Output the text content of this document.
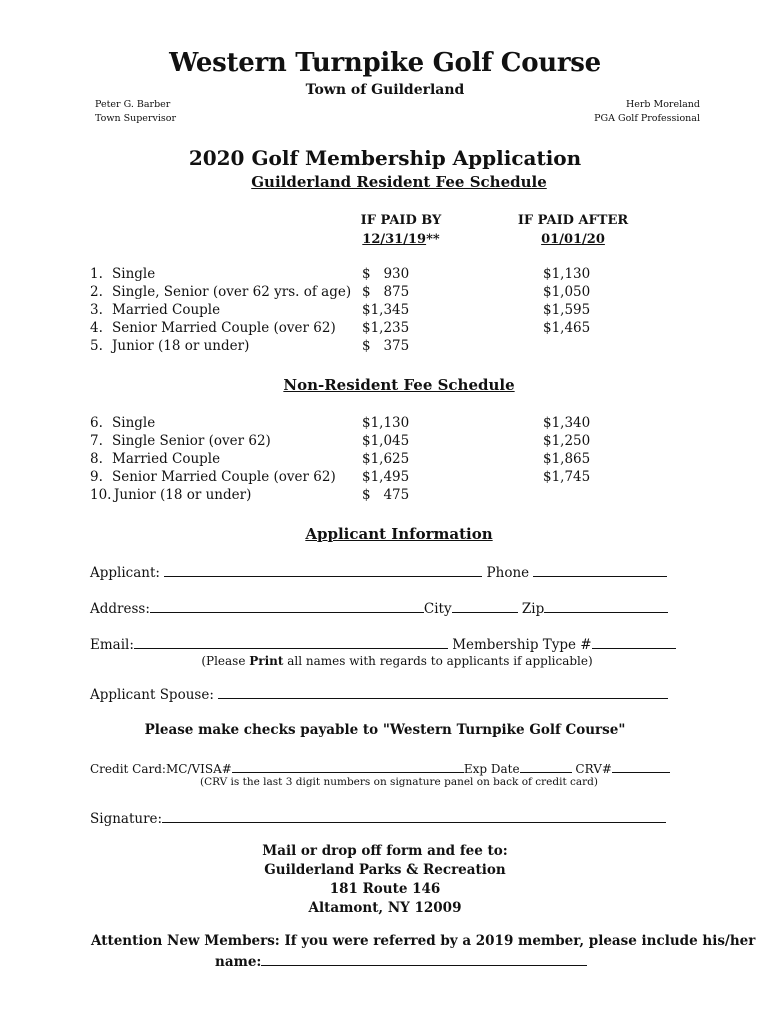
Western Turnpike Golf Course
Town of Guilderland
Peter G. Barber
Town Supervisor
Herb Moreland
PGA Golf Professional
2020 Golf Membership Application
Guilderland Resident Fee Schedule
IF PAID BY
12/31/19**
IF PAID AFTER
01/01/20
1. Single	$   930	$1,130
2. Single, Senior (over 62 yrs. of age) $   875	$1,050
3. Married Couple	$1,345	$1,595
4. Senior Married Couple (over 62) $1,235	$1,465
5. Junior (18 or under)	$   375
Non-Resident Fee Schedule
6. Single	$1,130	$1,340
7. Single Senior (over 62)	$1,045	$1,250
8. Married Couple	$1,625	$1,865
9. Senior Married Couple (over 62) $1,495	$1,745
10. Junior (18 or under)	$   475
Applicant Information
Applicant:	Phone
Address:	City	Zip
Email:	Membership Type #
(Please Print all names with regards to applicants if applicable)
Applicant Spouse:
Please make checks payable to "Western Turnpike Golf Course"
Credit Card:MC/VISA#	Exp Date	CRV#
(CRV is the last 3 digit numbers on signature panel on back of credit card)
Signature:
Mail or drop off form and fee to:
Guilderland Parks & Recreation
181 Route 146
Altamont, NY 12009
Attention New Members: If you were referred by a 2019 member, please include his/her
name:
